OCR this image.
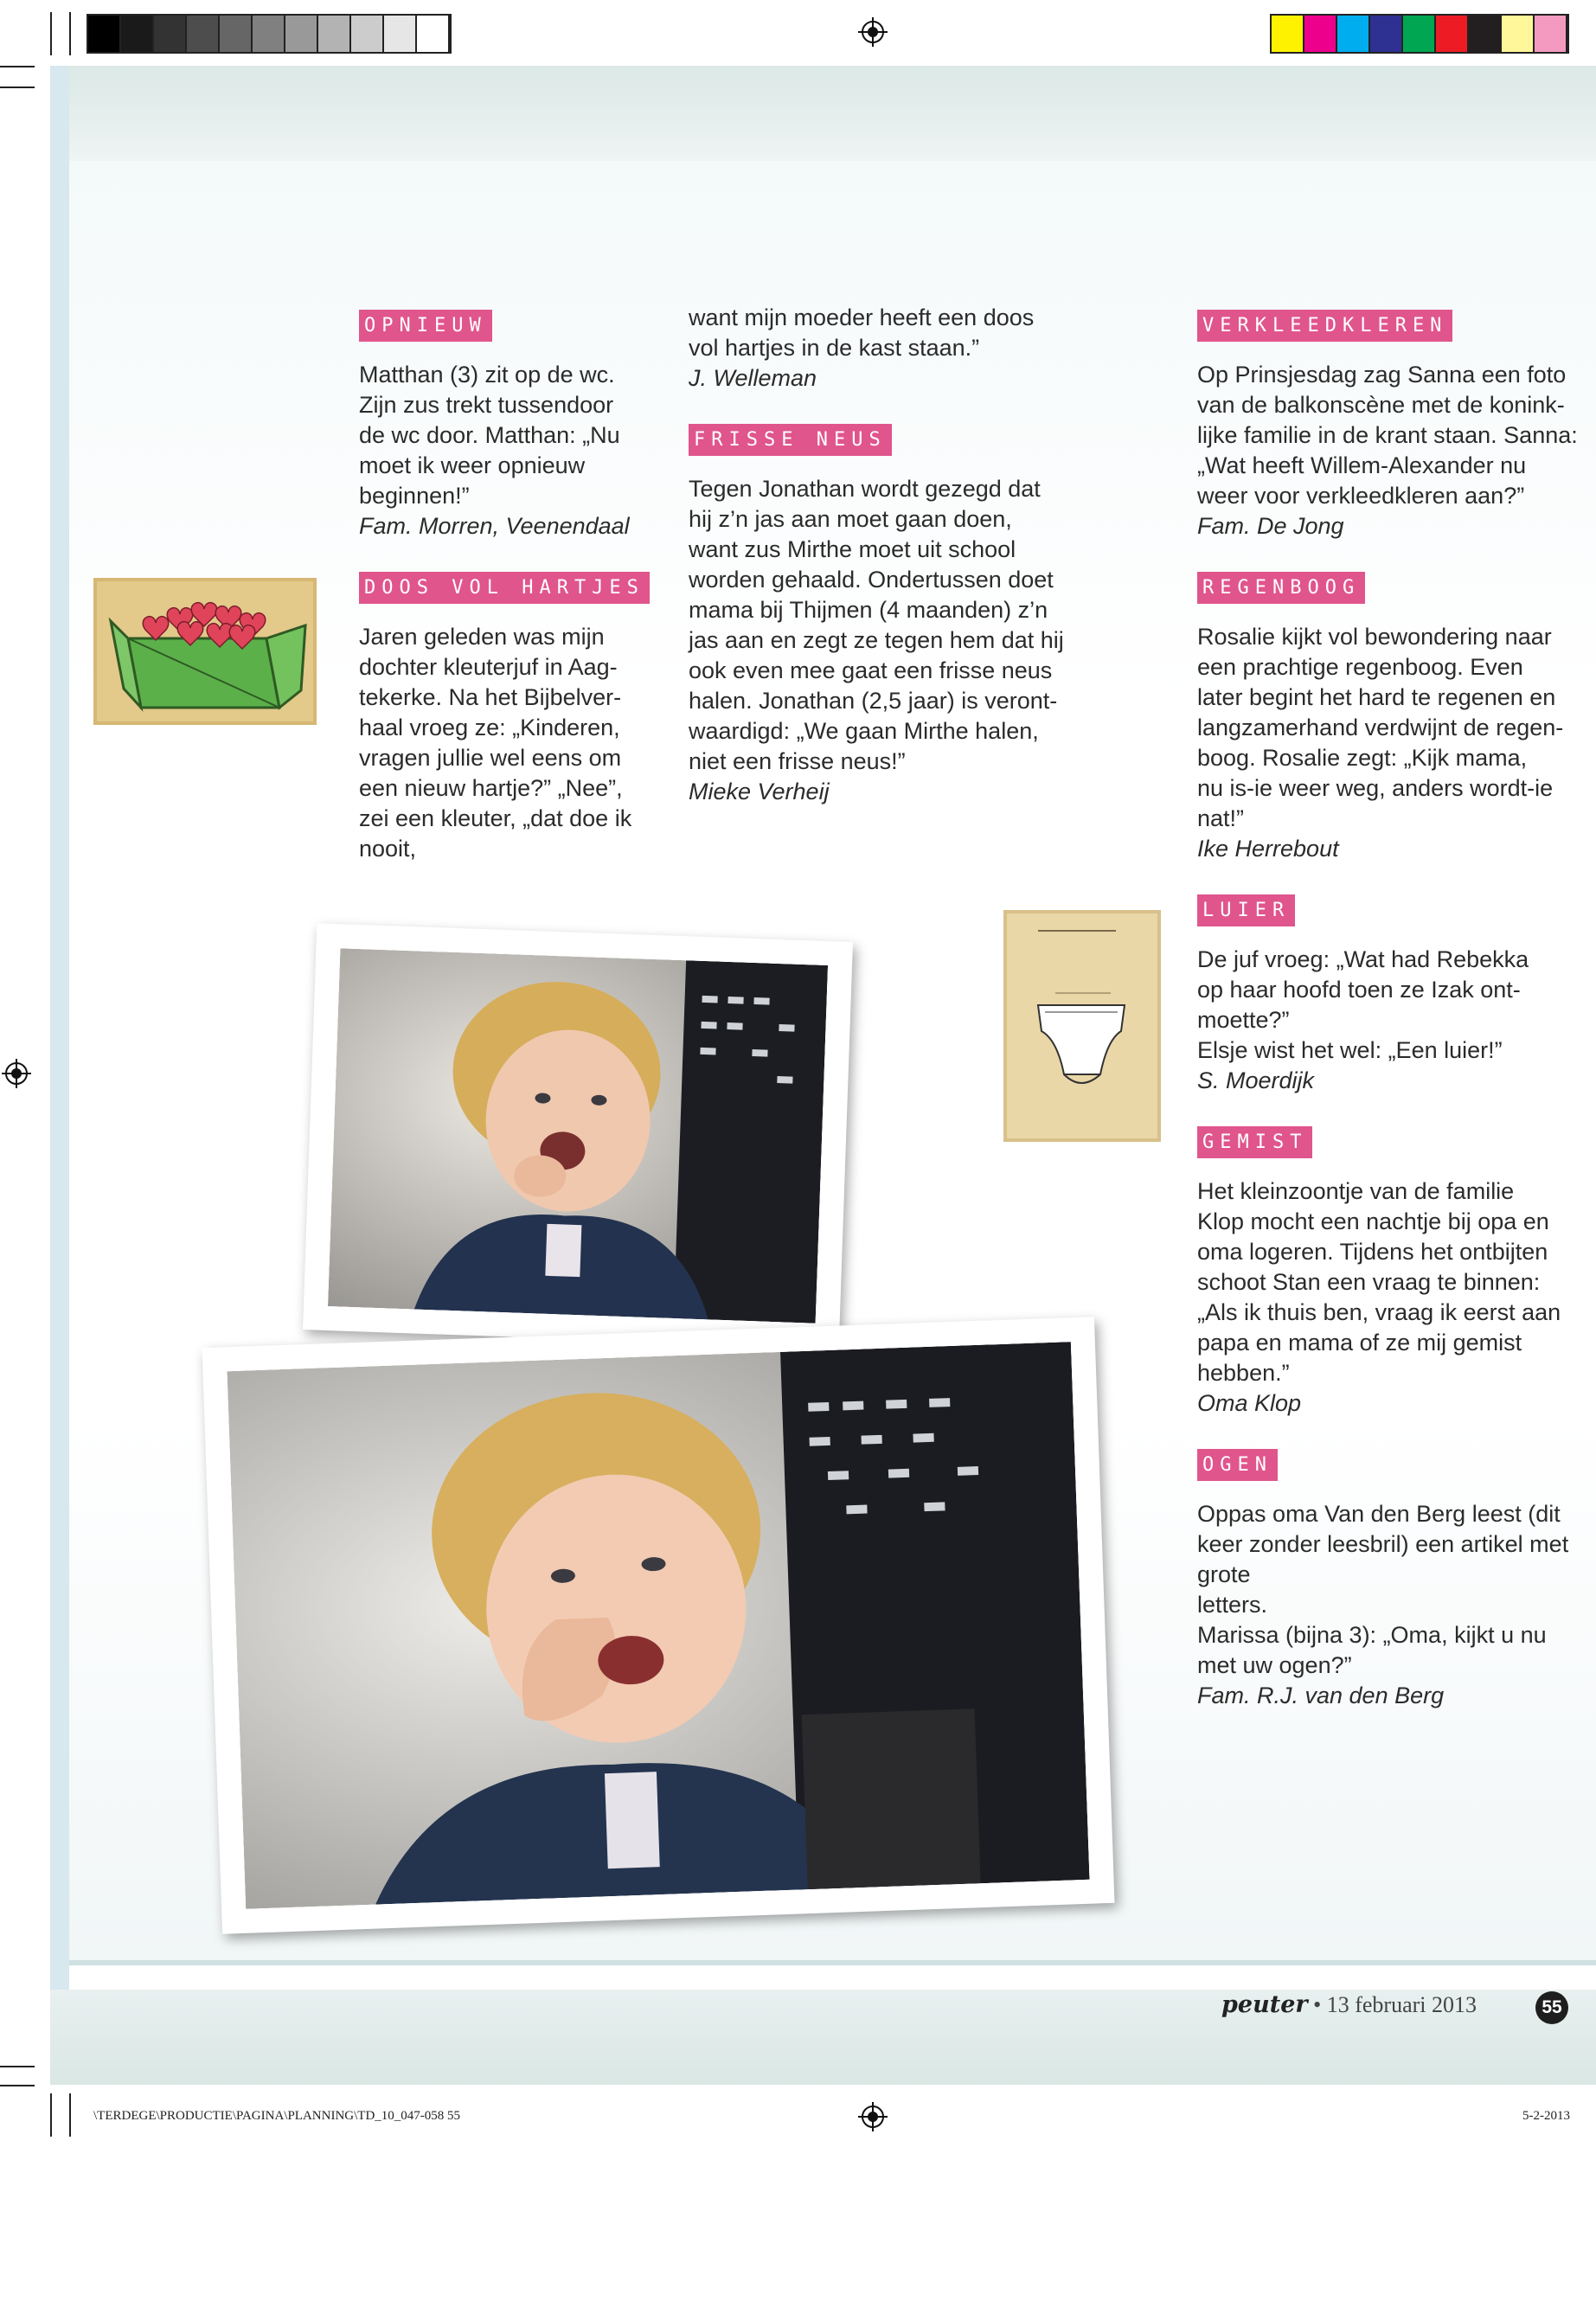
OPNIEUW

Matthan (3) zit op de wc.

Zijn zus trekt tussendoor

de wc door. Matthan: „Nu

moet ik weer opnieuw

beginnen!”

Fam. Morren, Veenendaal

DOOS VOL HARTJES

Jaren geleden was mijn

dochter kleuterjuf in Aag-

tekerke. Na het Bijbelver-

haal vroeg ze: „Kinderen,

vragen jullie wel eens om

een nieuw hartje?” „Nee”,

zei een kleuter, „dat doe ik

nooit,

want mijn moeder heeft een doos

vol hartjes in de kast staan.”

J. Welleman

FRISSE NEUS

Tegen Jonathan wordt gezegd dat

hij z’n jas aan moet gaan doen,

want zus Mirthe moet uit school

worden gehaald. Ondertussen doet

mama bij Thijmen (4 maanden) z’n

jas aan en zegt ze tegen hem dat hij

ook even mee gaat een frisse neus

halen. Jonathan (2,5 jaar) is veront-

waardigd: „We gaan Mirthe halen,

niet een frisse neus!”

Mieke Verheij

VERKLEEDKLEREN

Op Prinsjesdag zag Sanna een foto

van de balkonscène met de konink-

lijke familie in de krant staan. Sanna:

„Wat heeft Willem-Alexander nu

weer voor verkleedkleren aan?”

Fam. De Jong

REGENBOOG

Rosalie kijkt vol bewondering naar

een prachtige regenboog. Even

later begint het hard te regenen en

langzamerhand verdwijnt de regen-

boog. Rosalie zegt: „Kijk mama,

nu is-ie weer weg, anders wordt-ie

nat!”

Ike Herrebout

LUIER

De juf vroeg: „Wat had Rebekka

op haar hoofd toen ze Izak ont-

moette?”

Elsje wist het wel: „Een luier!”

S. Moerdijk

GEMIST

Het kleinzoontje van de familie

Klop mocht een nachtje bij opa en

oma logeren. Tijdens het ontbijten

schoot Stan een vraag te binnen:

„Als ik thuis ben, vraag ik eerst aan

papa en mama of ze mij gemist

hebben.”

Oma Klop

OGEN

Oppas oma Van den Berg leest (dit

keer zonder leesbril) een artikel met

grote

letters.

Marissa (bijna 3): „Oma, kijkt u nu

met uw ogen?”

Fam. R.J. van den Berg

peuter • 13 februari 2013	55
\TERDEGE\PRODUCTIE\PAGINA\PLANNING\TD_10_047-058 55	5-2-2013
